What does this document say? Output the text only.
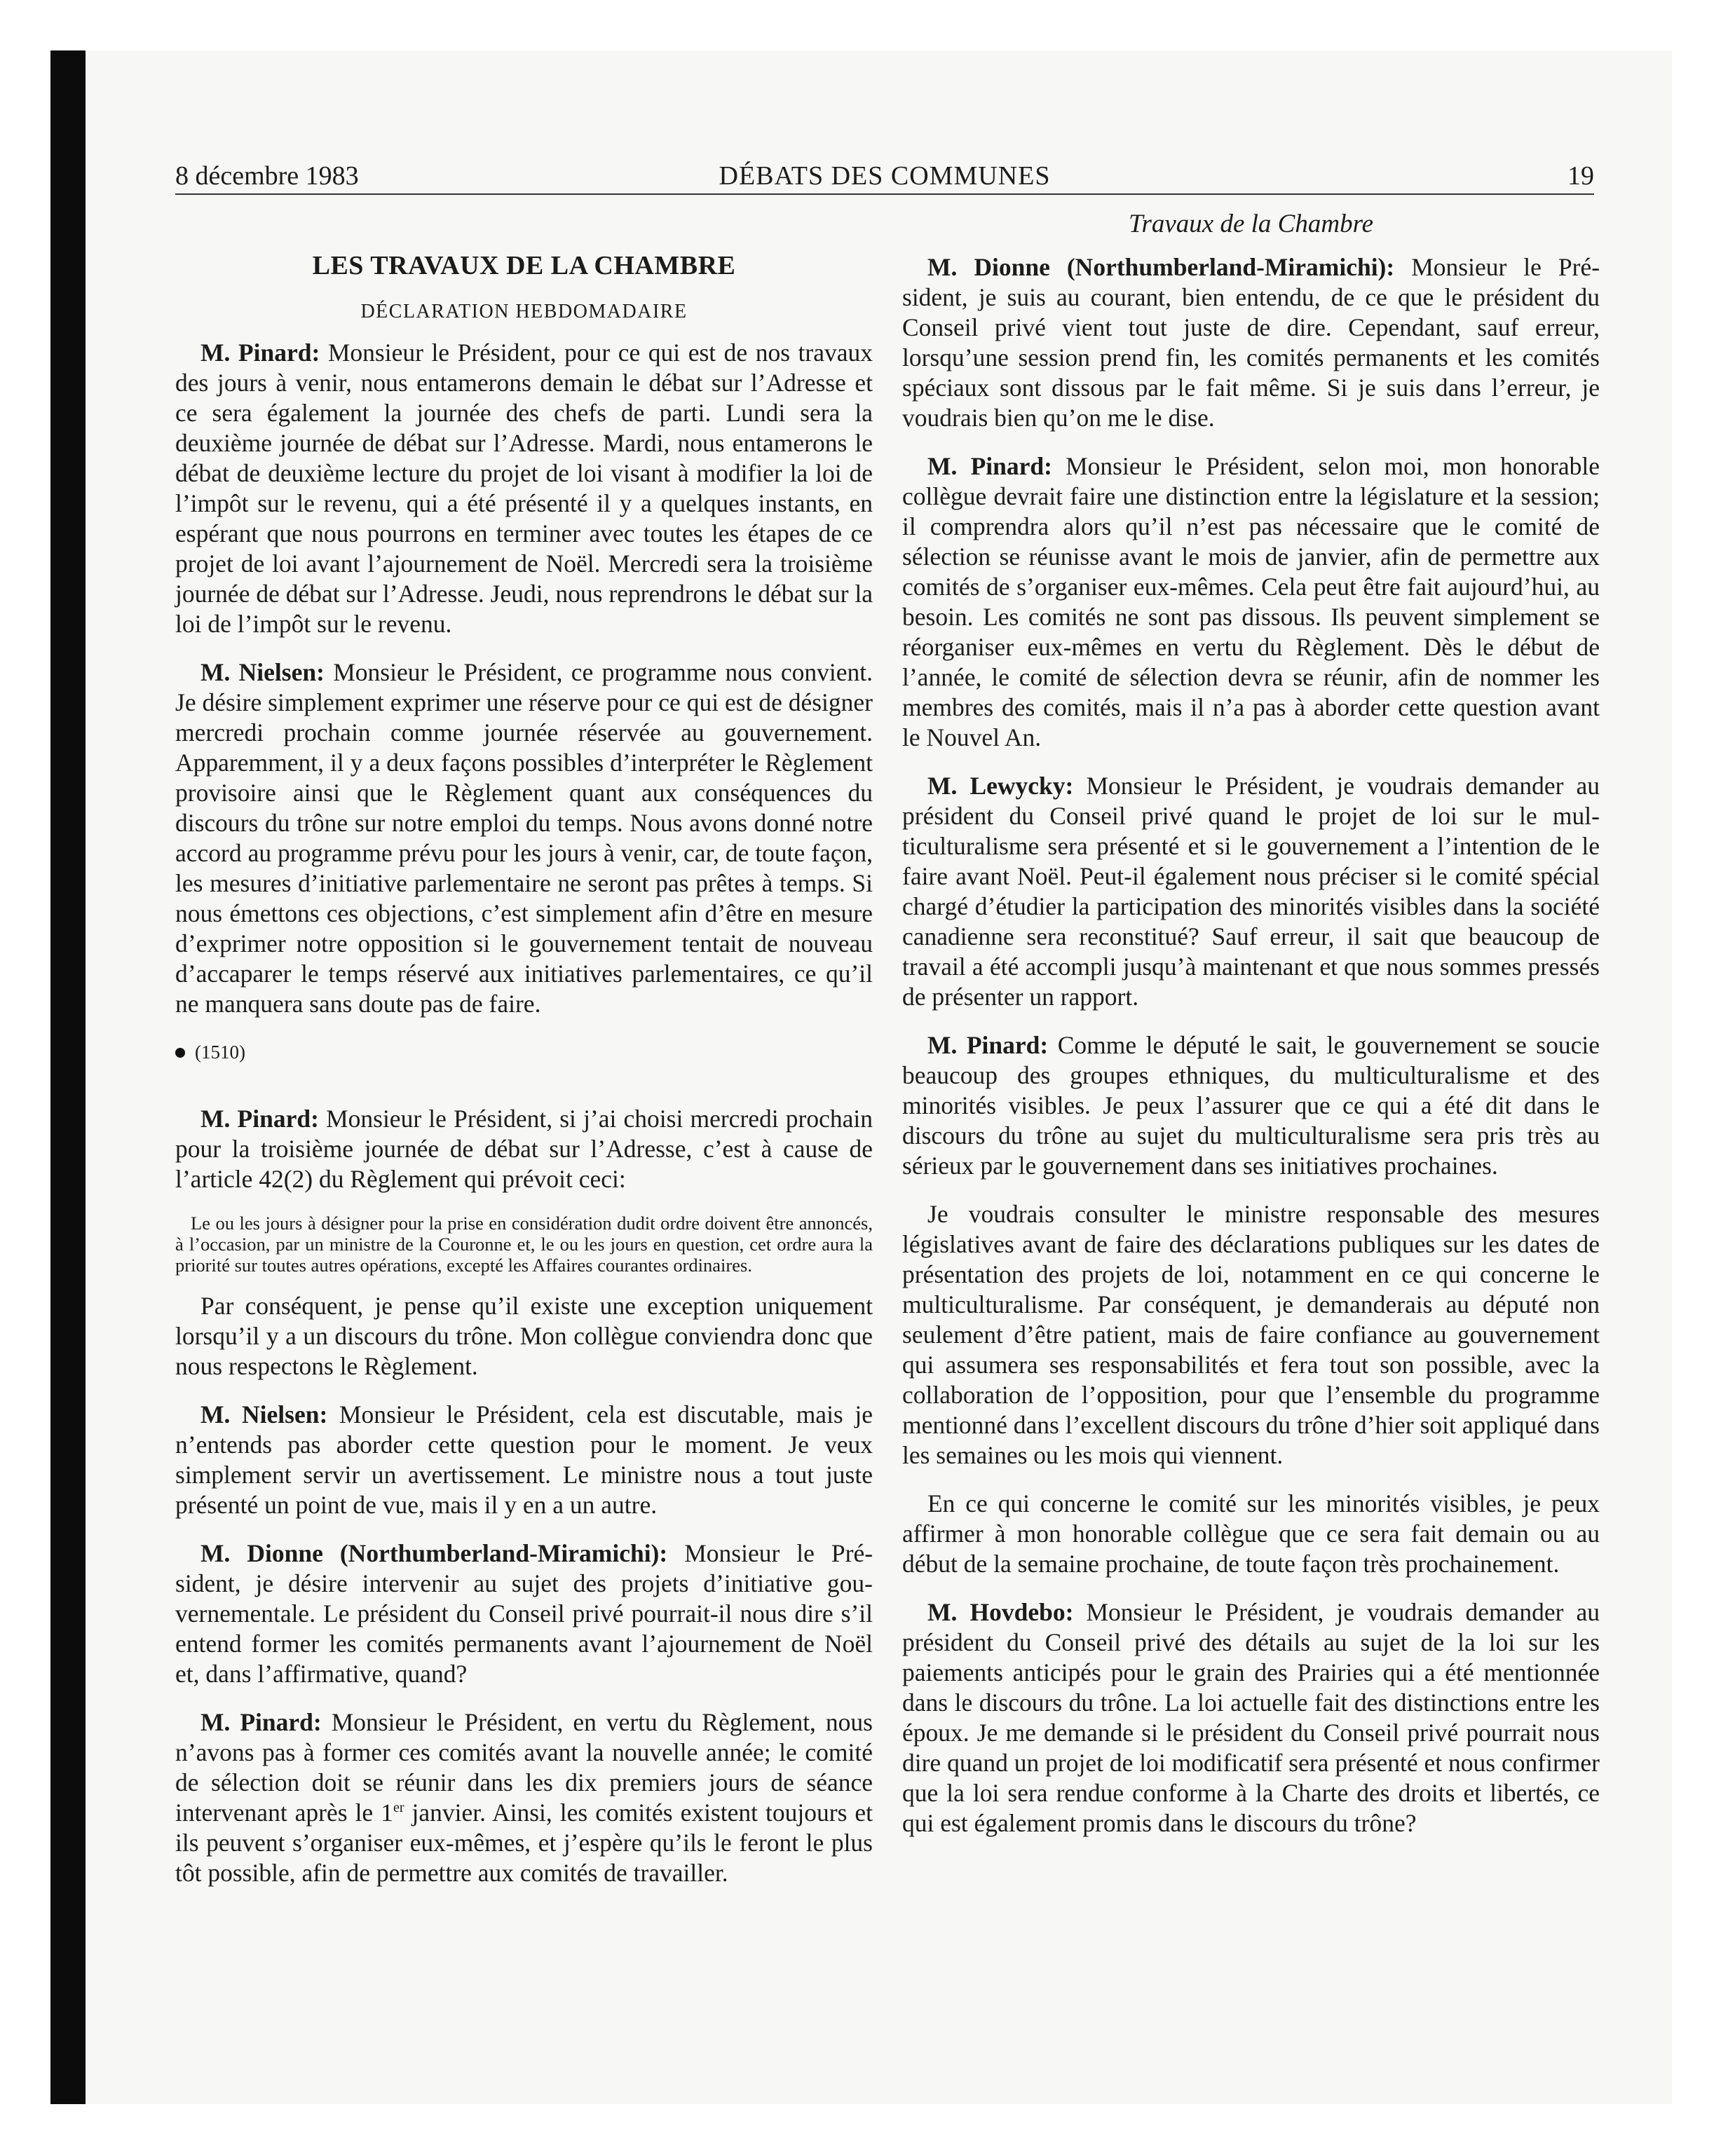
8 décembre 1983	DÉBATS DES COMMUNES	19
LES TRAVAUX DE LA CHAMBRE
DÉCLARATION HEBDOMADAIRE

M. Pinard: Monsieur le Président, pour ce qui est de nos travaux des jours à venir, nous entamerons demain le débat sur l’Adresse et ce sera également la journée des chefs de parti. Lundi sera la deuxième journée de débat sur l’Adresse. Mardi, nous entamerons le débat de deuxième lecture du projet de loi visant à modifier la loi de l’impôt sur le revenu, qui a été présenté il y a quelques instants, en espérant que nous pourrons en terminer avec toutes les étapes de ce projet de loi avant l’ajournement de Noël. Mercredi sera la troisième journée de débat sur l’Adresse. Jeudi, nous reprendrons le débat sur la loi de l’impôt sur le revenu.

M. Nielsen: Monsieur le Président, ce programme nous convient. Je désire simplement exprimer une réserve pour ce qui est de désigner mercredi prochain comme journée réservée au gouvernement. Apparemment, il y a deux façons possibles d’interpréter le Règlement provisoire ainsi que le Règlement quant aux conséquences du discours du trône sur notre emploi du temps. Nous avons donné notre accord au programme prévu pour les jours à venir, car, de toute façon, les mesures d’initiative parlementaire ne seront pas prêtes à temps. Si nous émettons ces objections, c’est simplement afin d’être en mesure d’exprimer notre opposition si le gouvernement tentait de nouveau d’accaparer le temps réservé aux initiatives parlementaires, ce qu’il ne manquera sans doute pas de faire.

(1510)

M. Pinard: Monsieur le Président, si j’ai choisi mercredi prochain pour la troisième journée de débat sur l’Adresse, c’est à cause de l’article 42(2) du Règlement qui prévoit ceci:

Le ou les jours à désigner pour la prise en considération dudit ordre doivent être annoncés, à l’occasion, par un ministre de la Couronne et, le ou les jours en question, cet ordre aura la priorité sur toutes autres opérations, excepté les Affaires courantes ordinaires.

Par conséquent, je pense qu’il existe une exception uniquement lorsqu’il y a un discours du trône. Mon collègue conviendra donc que nous respectons le Règlement.

M. Nielsen: Monsieur le Président, cela est discutable, mais je n’entends pas aborder cette question pour le moment. Je veux simplement servir un avertissement. Le ministre nous a tout juste présenté un point de vue, mais il y en a un autre.

M. Dionne (Northumberland-Miramichi): Monsieur le Président, je désire intervenir au sujet des projets d’initiative gouvernementale. Le président du Conseil privé pourrait-il nous dire s’il entend former les comités permanents avant l’ajournement de Noël et, dans l’affirmative, quand?

M. Pinard: Monsieur le Président, en vertu du Règlement, nous n’avons pas à former ces comités avant la nouvelle année; le comité de sélection doit se réunir dans les dix premiers jours de séance intervenant après le 1er janvier. Ainsi, les comités existent toujours et ils peuvent s’organiser eux-mêmes, et j’espère qu’ils le feront le plus tôt possible, afin de permettre aux comités de travailler.

Travaux de la Chambre

M. Dionne (Northumberland-Miramichi): Monsieur le Président, je suis au courant, bien entendu, de ce que le président du Conseil privé vient tout juste de dire. Cependant, sauf erreur, lorsqu’une session prend fin, les comités permanents et les comités spéciaux sont dissous par le fait même. Si je suis dans l’erreur, je voudrais bien qu’on me le dise.

M. Pinard: Monsieur le Président, selon moi, mon honorable collègue devrait faire une distinction entre la législature et la session; il comprendra alors qu’il n’est pas nécessaire que le comité de sélection se réunisse avant le mois de janvier, afin de permettre aux comités de s’organiser eux-mêmes. Cela peut être fait aujourd’hui, au besoin. Les comités ne sont pas dissous. Ils peuvent simplement se réorganiser eux-mêmes en vertu du Règlement. Dès le début de l’année, le comité de sélection devra se réunir, afin de nommer les membres des comités, mais il n’a pas à aborder cette question avant le Nouvel An.

M. Lewycky: Monsieur le Président, je voudrais demander au président du Conseil privé quand le projet de loi sur le multiculturalisme sera présenté et si le gouvernement a l’intention de le faire avant Noël. Peut-il également nous préciser si le comité spécial chargé d’étudier la participation des minorités visibles dans la société canadienne sera reconstitué? Sauf erreur, il sait que beaucoup de travail a été accompli jusqu’à maintenant et que nous sommes pressés de présenter un rapport.

M. Pinard: Comme le député le sait, le gouvernement se soucie beaucoup des groupes ethniques, du multiculturalisme et des minorités visibles. Je peux l’assurer que ce qui a été dit dans le discours du trône au sujet du multiculturalisme sera pris très au sérieux par le gouvernement dans ses initiatives prochaines.

Je voudrais consulter le ministre responsable des mesures législatives avant de faire des déclarations publiques sur les dates de présentation des projets de loi, notamment en ce qui concerne le multiculturalisme. Par conséquent, je demanderais au député non seulement d’être patient, mais de faire confiance au gouvernement qui assumera ses responsabilités et fera tout son possible, avec la collaboration de l’opposition, pour que l’ensemble du programme mentionné dans l’excellent discours du trône d’hier soit appliqué dans les semaines ou les mois qui viennent.

En ce qui concerne le comité sur les minorités visibles, je peux affirmer à mon honorable collègue que ce sera fait demain ou au début de la semaine prochaine, de toute façon très prochainement.

M. Hovdebo: Monsieur le Président, je voudrais demander au président du Conseil privé des détails au sujet de la loi sur les paiements anticipés pour le grain des Prairies qui a été mentionnée dans le discours du trône. La loi actuelle fait des distinctions entre les époux. Je me demande si le président du Conseil privé pourrait nous dire quand un projet de loi modificatif sera présenté et nous confirmer que la loi sera rendue conforme à la Charte des droits et libertés, ce qui est également promis dans le discours du trône?
